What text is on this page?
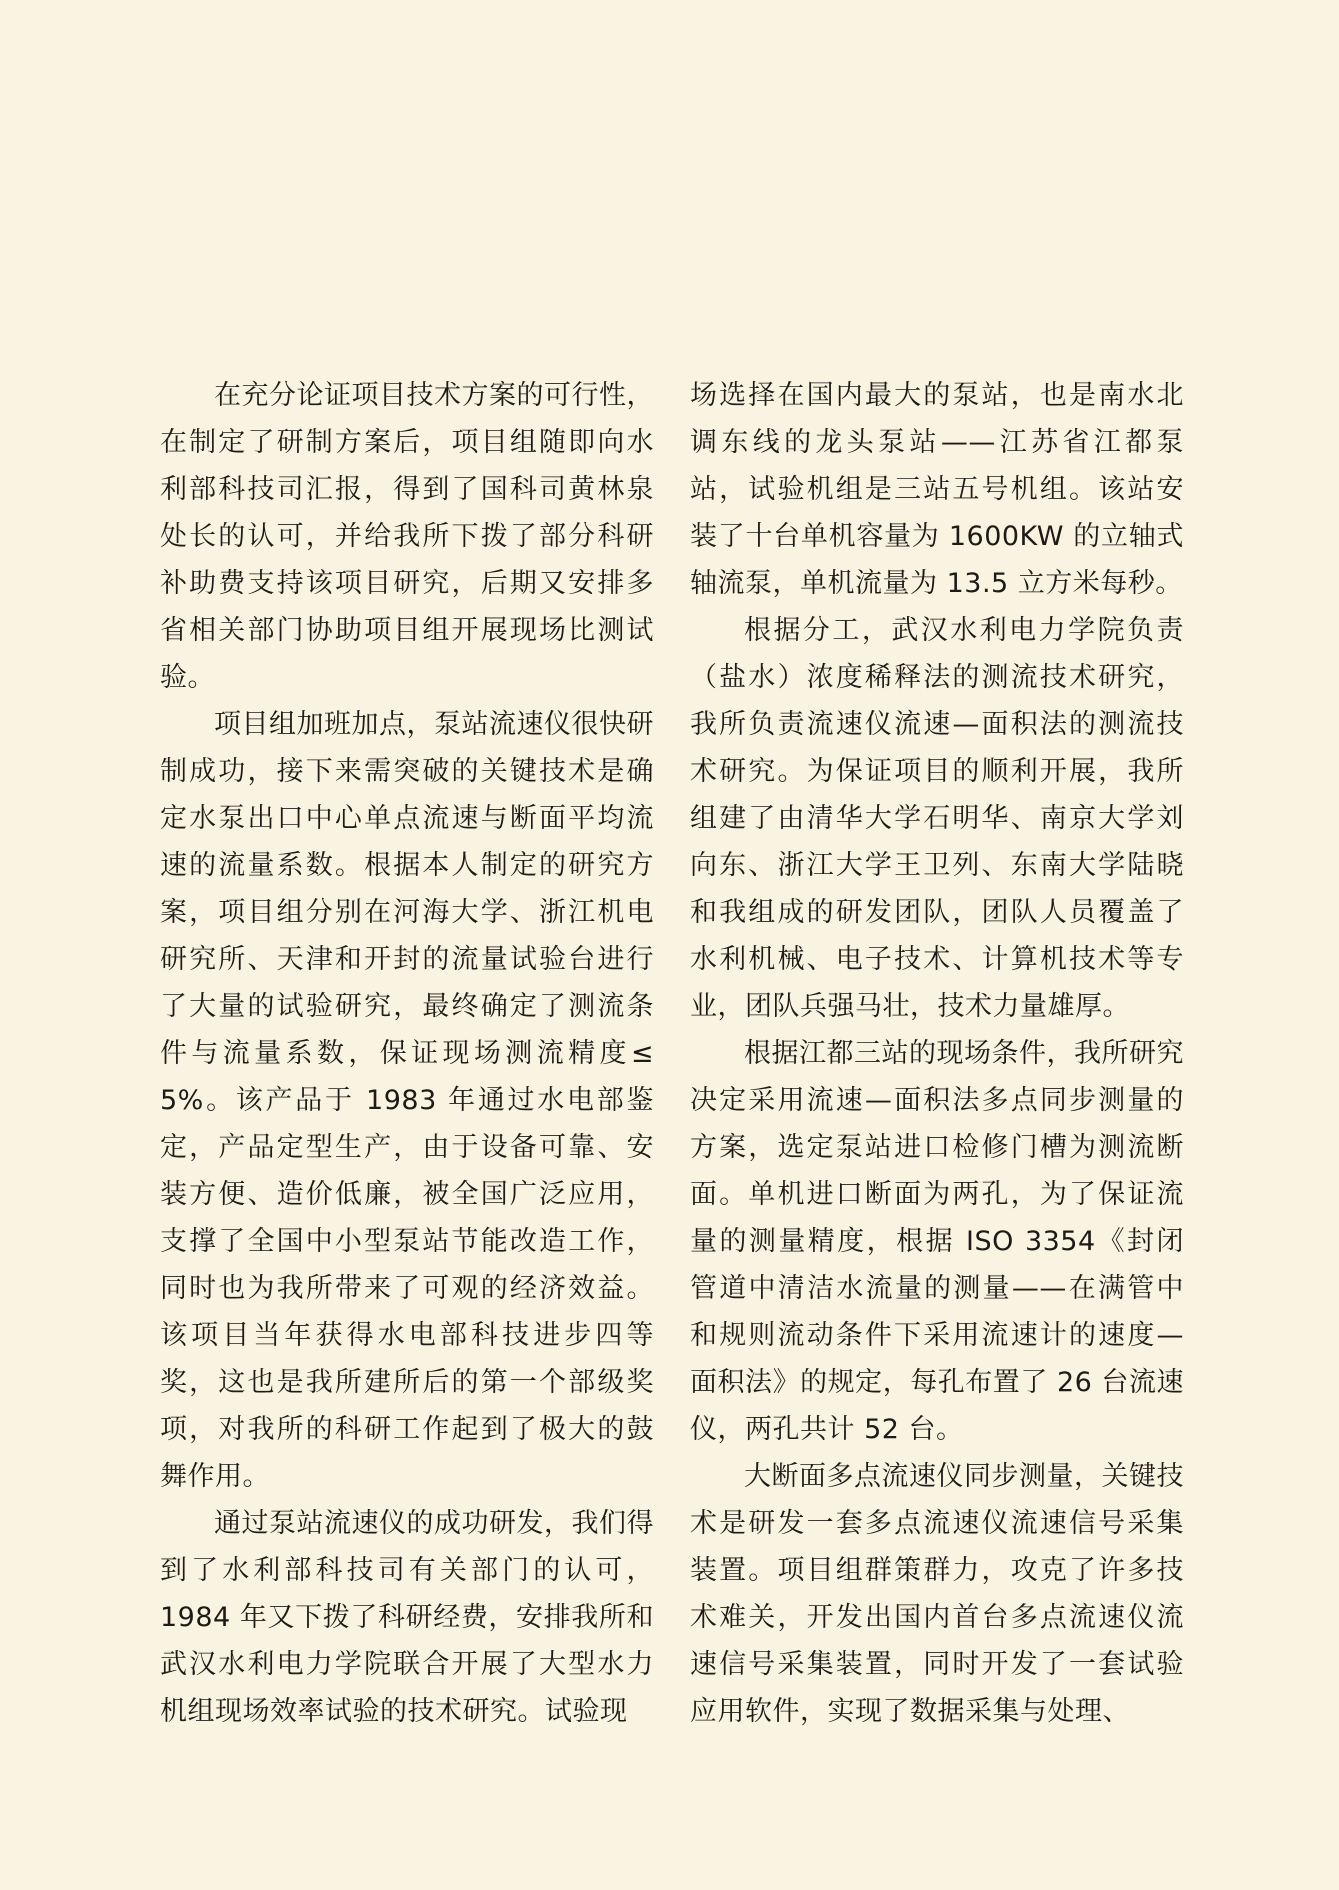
在充分论证项目技术方案的可行性，在制定了研制方案后，项目组随即向水利部科技司汇报，得到了国科司黄林泉处长的认可，并给我所下拨了部分科研补助费支持该项目研究，后期又安排多省相关部门协助项目组开展现场比测试验。

项目组加班加点，泵站流速仪很快研制成功，接下来需突破的关键技术是确定水泵出口中心单点流速与断面平均流速的流量系数。根据本人制定的研究方案，项目组分别在河海大学、浙江机电研究所、天津和开封的流量试验台进行了大量的试验研究，最终确定了测流条件与流量系数，保证现场测流精度≤ 5%。该产品于 1983 年通过水电部鉴定，产品定型生产，由于设备可靠、安装方便、造价低廉，被全国广泛应用，支撑了全国中小型泵站节能改造工作，同时也为我所带来了可观的经济效益。该项目当年获得水电部科技进步四等奖，这也是我所建所后的第一个部级奖项，对我所的科研工作起到了极大的鼓舞作用。

通过泵站流速仪的成功研发，我们得到了水利部科技司有关部门的认可，1984 年又下拨了科研经费，安排我所和武汉水利电力学院联合开展了大型水力机组现场效率试验的技术研究。试验现

场选择在国内最大的泵站，也是南水北调东线的龙头泵站——江苏省江都泵站，试验机组是三站五号机组。该站安装了十台单机容量为 1600KW 的立轴式轴流泵，单机流量为 13.5 立方米每秒。

根据分工，武汉水利电力学院负责（盐水）浓度稀释法的测流技术研究，我所负责流速仪流速—面积法的测流技术研究。为保证项目的顺利开展，我所组建了由清华大学石明华、南京大学刘向东、浙江大学王卫列、东南大学陆晓和我组成的研发团队，团队人员覆盖了水利机械、电子技术、计算机技术等专业，团队兵强马壮，技术力量雄厚。

根据江都三站的现场条件，我所研究决定采用流速—面积法多点同步测量的方案，选定泵站进口检修门槽为测流断面。单机进口断面为两孔，为了保证流量的测量精度，根据 ISO 3354《封闭管道中清洁水流量的测量——在满管中和规则流动条件下采用流速计的速度—面积法》的规定，每孔布置了 26 台流速仪，两孔共计 52 台。

大断面多点流速仪同步测量，关键技术是研发一套多点流速仪流速信号采集装置。项目组群策群力，攻克了许多技术难关，开发出国内首台多点流速仪流速信号采集装置，同时开发了一套试验应用软件，实现了数据采集与处理、
